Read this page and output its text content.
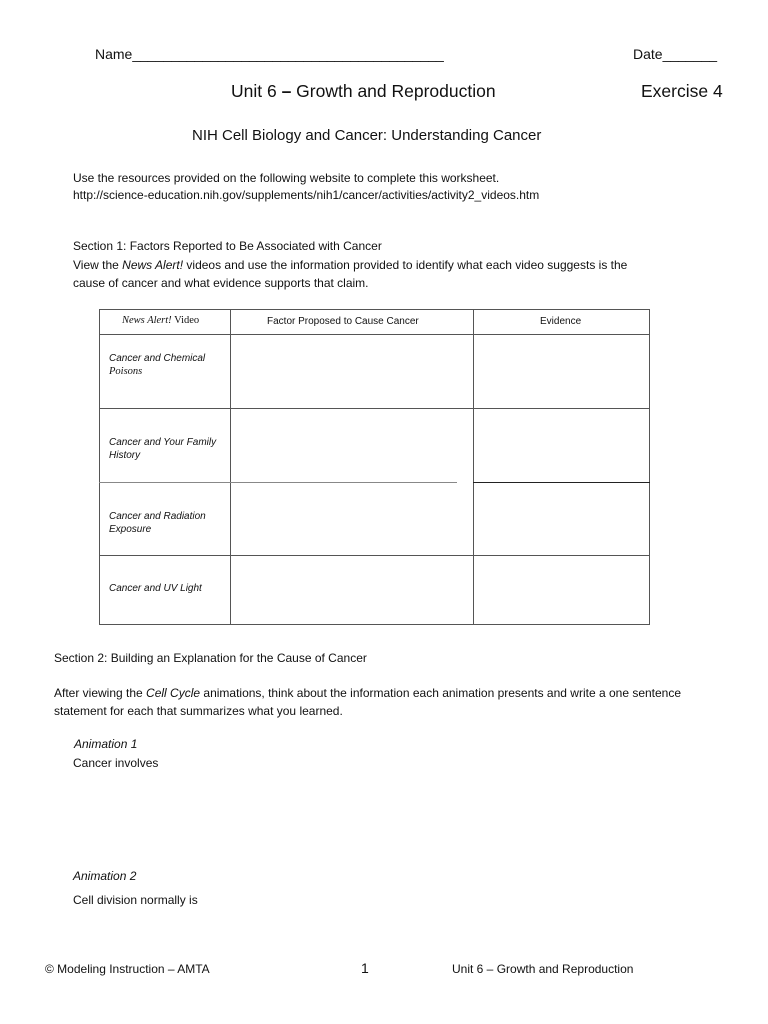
Name________________________________________	Date_______
Unit 6 – Growth and Reproduction	Exercise 4
NIH Cell Biology and Cancer: Understanding Cancer
Use the resources provided on the following website to complete this worksheet.
http://science-education.nih.gov/supplements/nih1/cancer/activities/activity2_videos.htm
Section 1: Factors Reported to Be Associated with Cancer
View the News Alert! videos and use the information provided to identify what each video suggests is the
cause of cancer and what evidence supports that claim.
News Alert! Video	Factor Proposed to Cause Cancer	Evidence
Cancer and Chemical
Poisons
Cancer and Your Family
History
Cancer and Radiation
Exposure
Cancer and UV Light
Section 2: Building an Explanation for the Cause of Cancer
After viewing the Cell Cycle animations, think about the information each animation presents and write a one sentence
statement for each that summarizes what you learned.
Animation 1
Cancer involves
Animation 2
Cell division normally is
© Modeling Instruction – AMTA	1	Unit 6 – Growth and Reproduction
